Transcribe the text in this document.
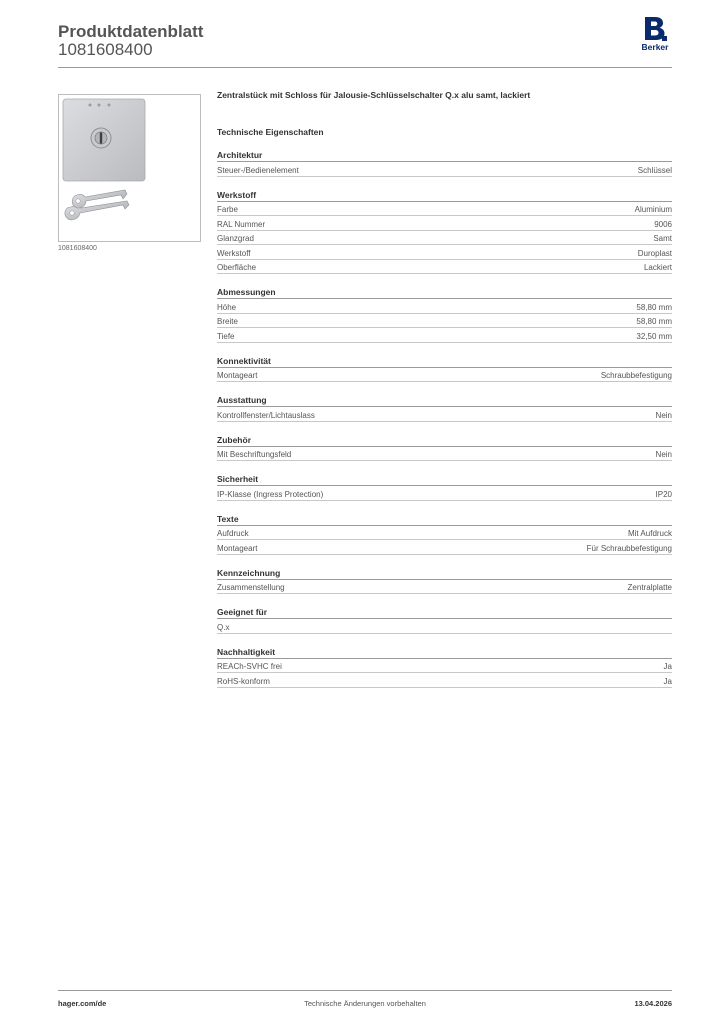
Produktdatenblatt
1081608400	Berker
1081608400
Zentralstück mit Schloss für Jalousie-Schlüsselschalter Q.x alu samt, lackiert
Technische Eigenschaften
Architektur
Steuer-/Bedienelement	Schlüssel
Werkstoff
Farbe	Aluminium
RAL Nummer	9006
Glanzgrad	Samt
Werkstoff	Duroplast
Oberfläche	Lackiert
Abmessungen
Höhe	58,80 mm
Breite	58,80 mm
Tiefe	32,50 mm
Konnektivität
Montageart	Schraubbefestigung
Ausstattung
Kontrollfenster/Lichtauslass	Nein
Zubehör
Mit Beschriftungsfeld	Nein
Sicherheit
IP-Klasse (Ingress Protection)	IP20
Texte
Aufdruck	Mit Aufdruck
Montageart	Für Schraubbefestigung
Kennzeichnung
Zusammenstellung	Zentralplatte
Geeignet für
Q.x
Nachhaltigkeit
REACh-SVHC frei	Ja
RoHS-konform	Ja
hager.com/de	Technische Änderungen vorbehalten	13.04.2026
